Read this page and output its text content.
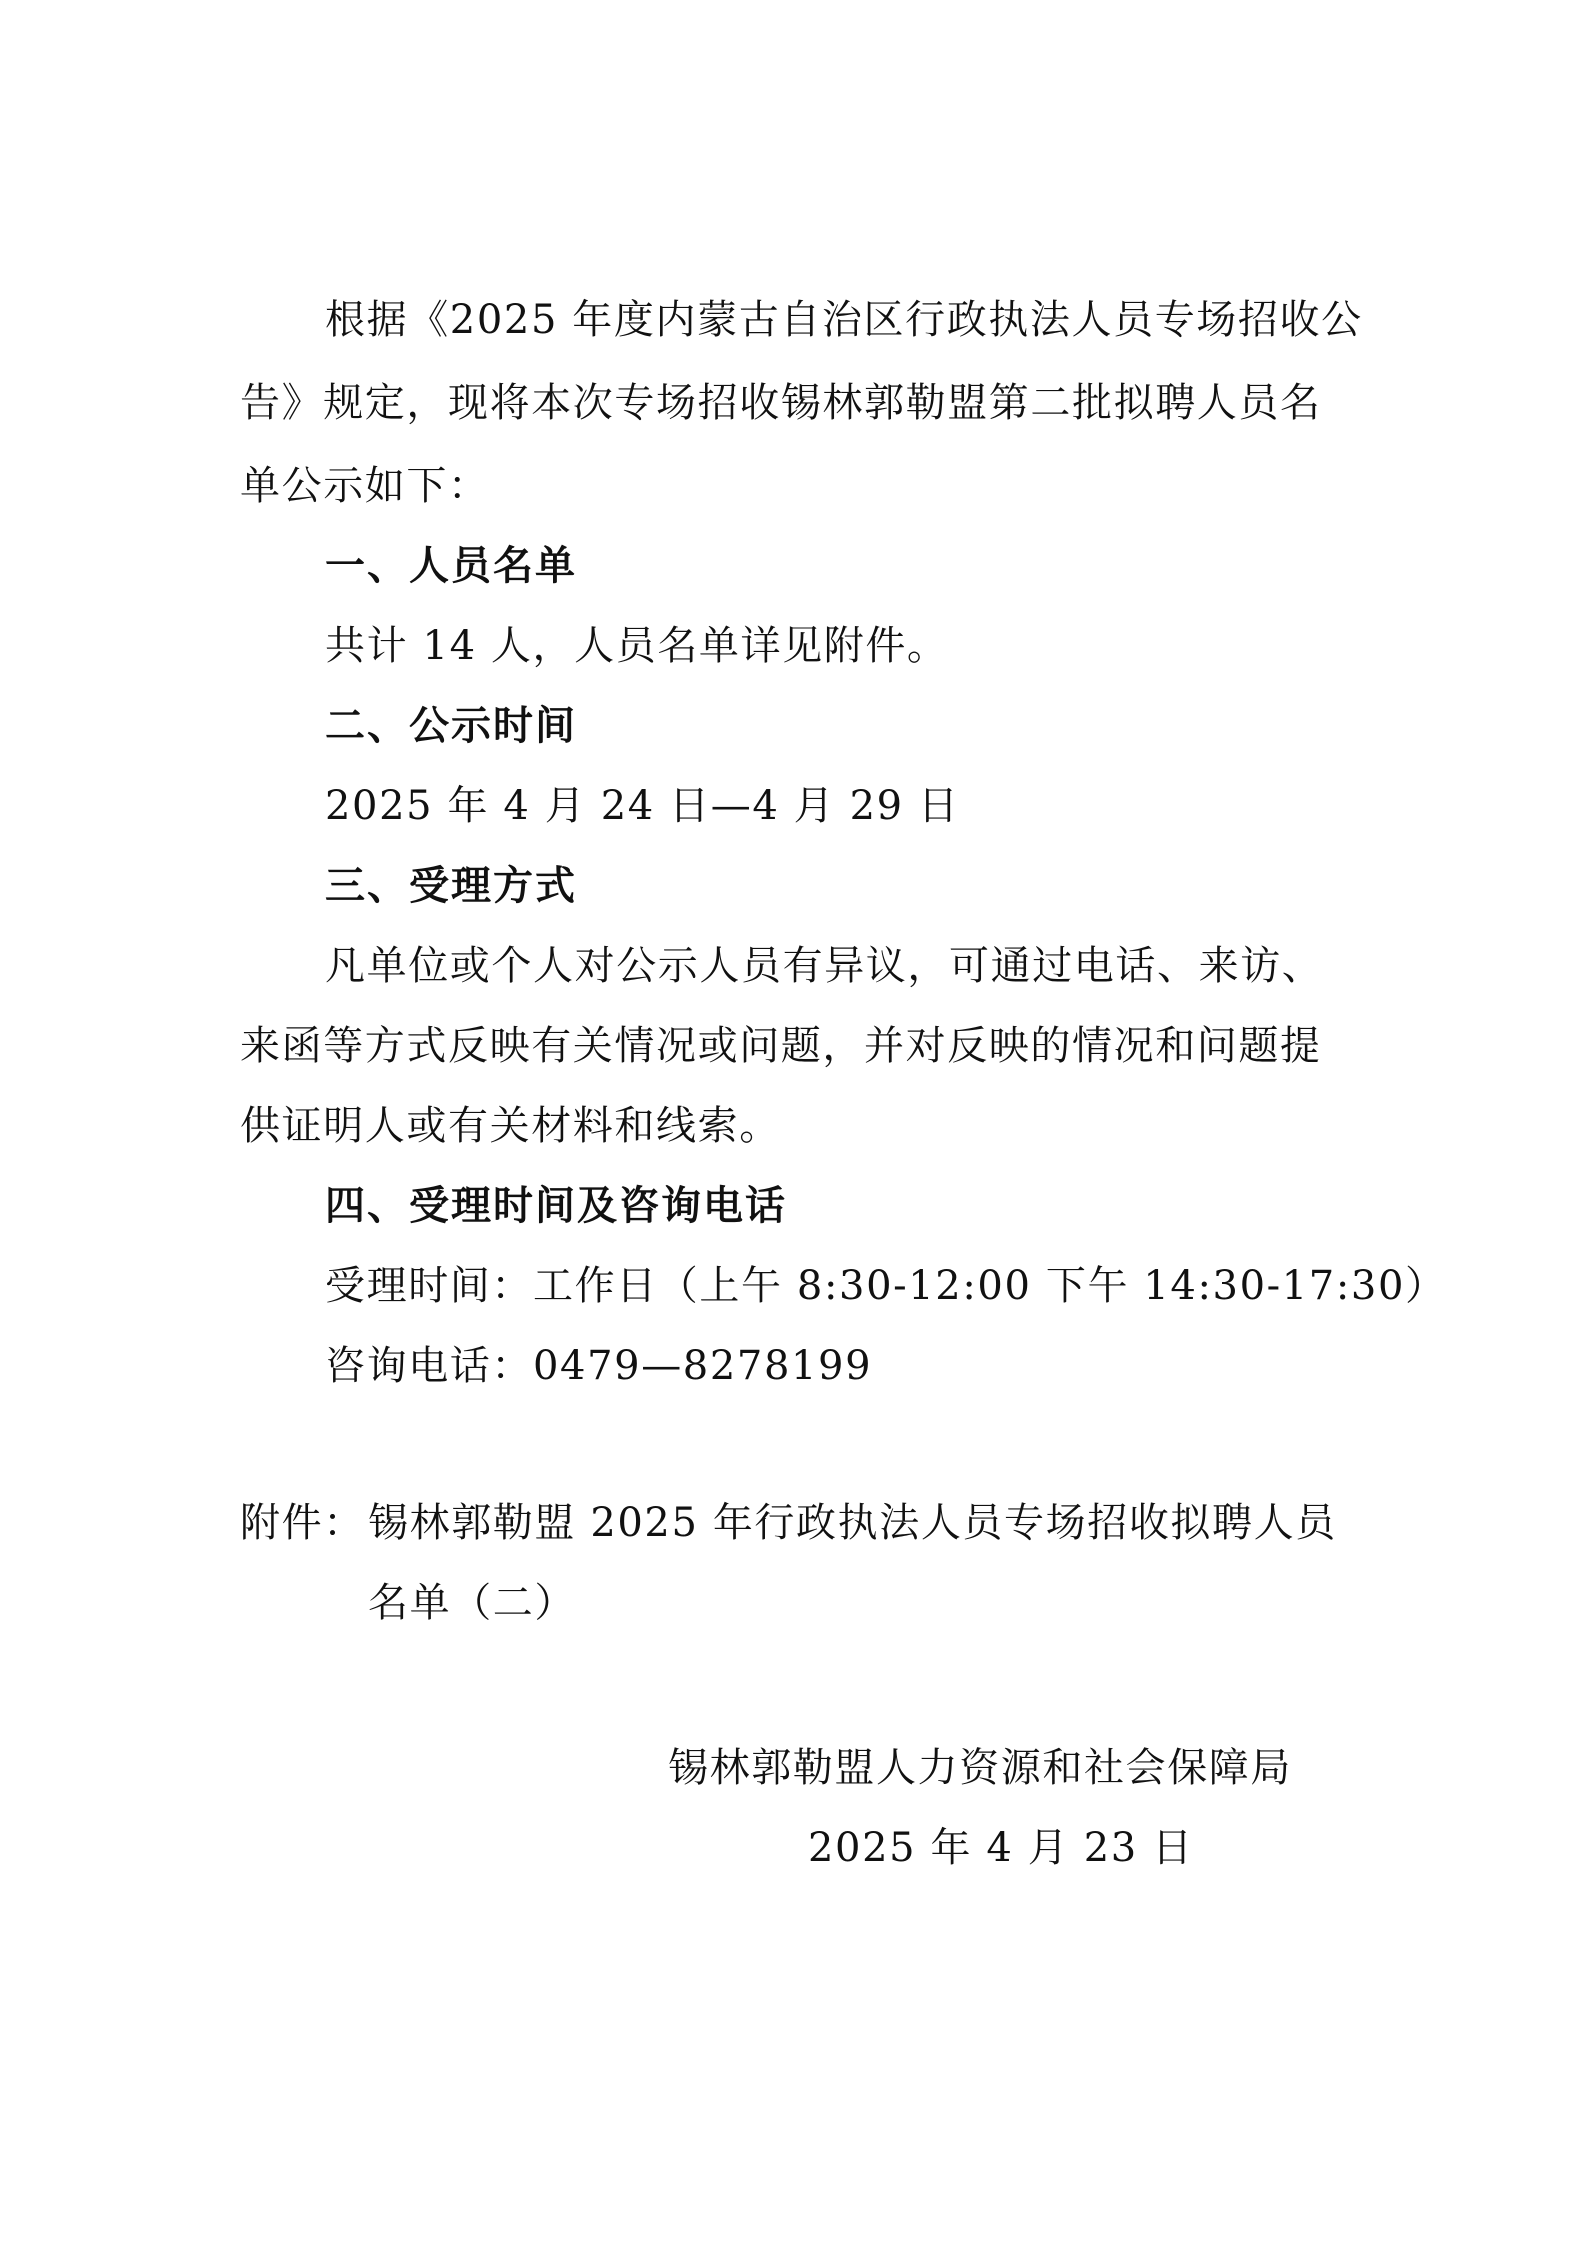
根据《2025 年度内蒙古自治区行政执法人员专场招收公
告》规定，现将本次专场招收锡林郭勒盟第二批拟聘人员名
单公示如下：
一、人员名单
共计 14 人，人员名单详见附件。
二、公示时间
2025 年 4 月 24 日—4 月 29 日
三、受理方式
凡单位或个人对公示人员有异议，可通过电话、来访、
来函等方式反映有关情况或问题，并对反映的情况和问题提
供证明人或有关材料和线索。
四、受理时间及咨询电话
受理时间：工作日（上午 8:30-12:00 下午 14:30-17:30）
咨询电话：0479—8278199
附件： 锡林郭勒盟 2025 年行政执法人员专场招收拟聘人员
名单（二）
锡林郭勒盟人力资源和社会保障局
2025 年 4 月 23 日
